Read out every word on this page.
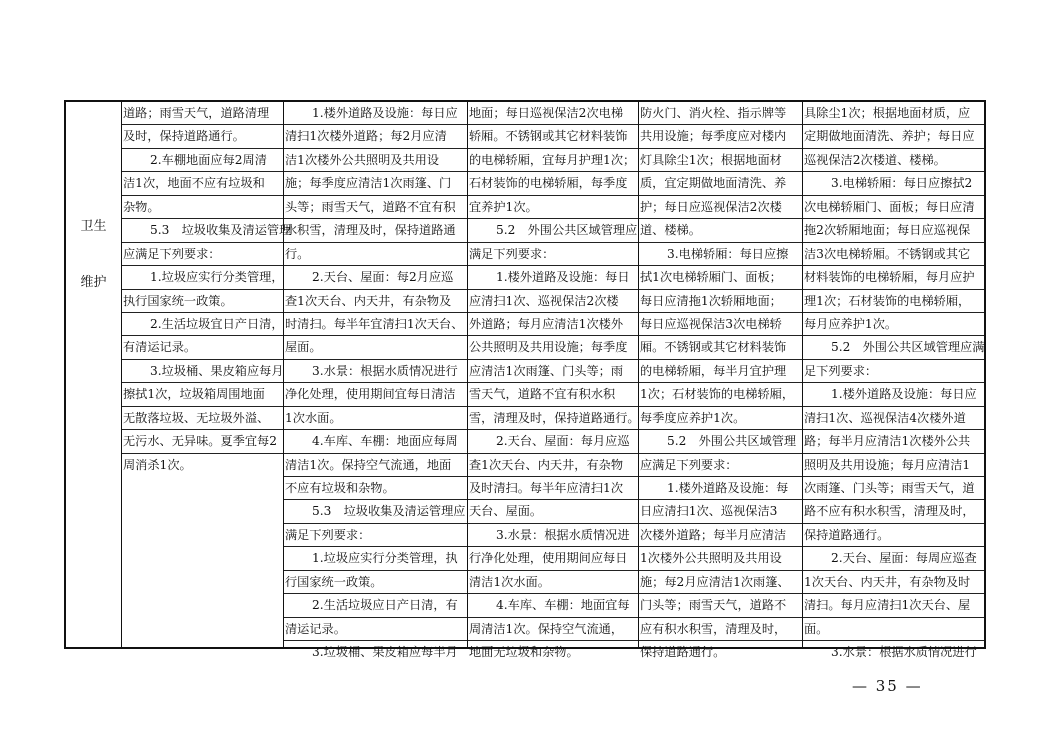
卫生
维护
道路；雨雪天气，道路清理
及时，保持道路通行。
2.车棚地面应每2周清
洁1次，地面不应有垃圾和
杂物。
5.3　垃圾收集及清运管理
应满足下列要求：
1.垃圾应实行分类管理，
执行国家统一政策。
2.生活垃圾宜日产日清，
有清运记录。
3.垃圾桶、果皮箱应每月
擦拭1次，垃圾箱周围地面
无散落垃圾、无垃圾外溢、
无污水、无异味。夏季宜每2
周消杀1次。
1.楼外道路及设施：每日应
清扫1次楼外道路；每2月应清
洁1次楼外公共照明及共用设
施；每季度应清洁1次雨篷、门
头等；雨雪天气，道路不宜有积
水积雪，清理及时，保持道路通
行。
2.天台、屋面：每2月应巡
查1次天台、内天井，有杂物及
时清扫。每半年宜清扫1次天台、
屋面。
3.水景：根据水质情况进行
净化处理，使用期间宜每日清洁
1次水面。
4.车库、车棚：地面应每周
清洁1次。保持空气流通，地面
不应有垃圾和杂物。
5.3　垃圾收集及清运管理应
满足下列要求：
1.垃圾应实行分类管理，执
行国家统一政策。
2.生活垃圾应日产日清，有
清运记录。
3.垃圾桶、果皮箱应每半月
地面；每日巡视保洁2次电梯
轿厢。不锈钢或其它材料装饰
的电梯轿厢，宜每月护理1次；
石材装饰的电梯轿厢，每季度
宜养护1次。
5.2　外围公共区域管理应
满足下列要求：
1.楼外道路及设施：每日
应清扫1次、巡视保洁2次楼
外道路；每月应清洁1次楼外
公共照明及共用设施；每季度
应清洁1次雨篷、门头等；雨
雪天气，道路不宜有积水积
雪，清理及时，保持道路通行。
2.天台、屋面：每月应巡
查1次天台、内天井，有杂物
及时清扫。每半年应清扫1次
天台、屋面。
3.水景：根据水质情况进
行净化处理，使用期间应每日
清洁1次水面。
4.车库、车棚：地面宜每
周清洁1次。保持空气流通，
地面无垃圾和杂物。
防火门、消火栓、指示牌等
共用设施；每季度应对楼内
灯具除尘1次；根据地面材
质，宜定期做地面清洗、养
护；每日应巡视保洁2次楼
道、楼梯。
3.电梯轿厢：每日应擦
拭1次电梯轿厢门、面板；
每日应清拖1次轿厢地面；
每日应巡视保洁3次电梯轿
厢。不锈钢或其它材料装饰
的电梯轿厢，每半月宜护理
1次；石材装饰的电梯轿厢，
每季度应养护1次。
5.2　外围公共区域管理
应满足下列要求：
1.楼外道路及设施：每
日应清扫1次、巡视保洁3
次楼外道路；每半月应清洁
1次楼外公共照明及共用设
施；每2月应清洁1次雨篷、
门头等；雨雪天气，道路不
应有积水积雪，清理及时，
保持道路通行。
具除尘1次；根据地面材质，应
定期做地面清洗、养护；每日应
巡视保洁2次楼道、楼梯。
3.电梯轿厢：每日应擦拭2
次电梯轿厢门、面板；每日应清
拖2次轿厢地面；每日应巡视保
洁3次电梯轿厢。不锈钢或其它
材料装饰的电梯轿厢，每月应护
理1次；石材装饰的电梯轿厢，
每月应养护1次。
5.2　外围公共区域管理应满
足下列要求：
1.楼外道路及设施：每日应
清扫1次、巡视保洁4次楼外道
路；每半月应清洁1次楼外公共
照明及共用设施；每月应清洁1
次雨篷、门头等；雨雪天气，道
路不应有积水积雪，清理及时，
保持道路通行。
2.天台、屋面：每周应巡查
1次天台、内天井，有杂物及时
清扫。每月应清扫1次天台、屋
面。
3.水景：根据水质情况进行
— 35 —
